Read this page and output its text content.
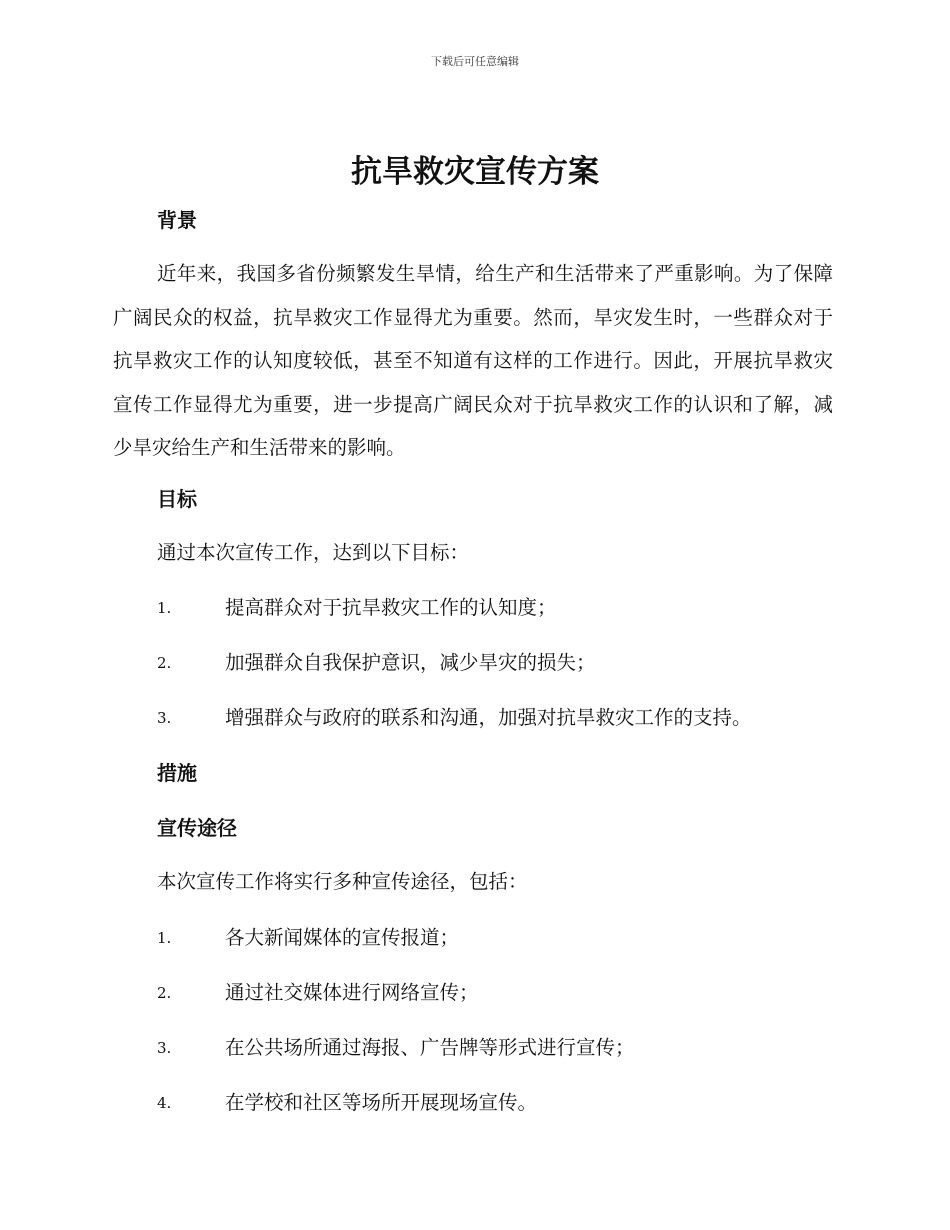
下载后可任意编辑
抗旱救灾宣传方案
背景

近年来，我国多省份频繁发生旱情，给生产和生活带来了严重影响。为了保障广阔民众的权益，抗旱救灾工作显得尤为重要。然而，旱灾发生时，一些群众对于抗旱救灾工作的认知度较低，甚至不知道有这样的工作进行。因此，开展抗旱救灾宣传工作显得尤为重要，进一步提高广阔民众对于抗旱救灾工作的认识和了解，减少旱灾给生产和生活带来的影响。

目标

通过本次宣传工作，达到以下目标：

1.	提高群众对于抗旱救灾工作的认知度；
2.	加强群众自我保护意识，减少旱灾的损失；
3.	增强群众与政府的联系和沟通，加强对抗旱救灾工作的支持。
措施
宣传途径

本次宣传工作将实行多种宣传途径，包括：

1.	各大新闻媒体的宣传报道；
2.	通过社交媒体进行网络宣传；
3.	在公共场所通过海报、广告牌等形式进行宣传；
4.	在学校和社区等场所开展现场宣传。
